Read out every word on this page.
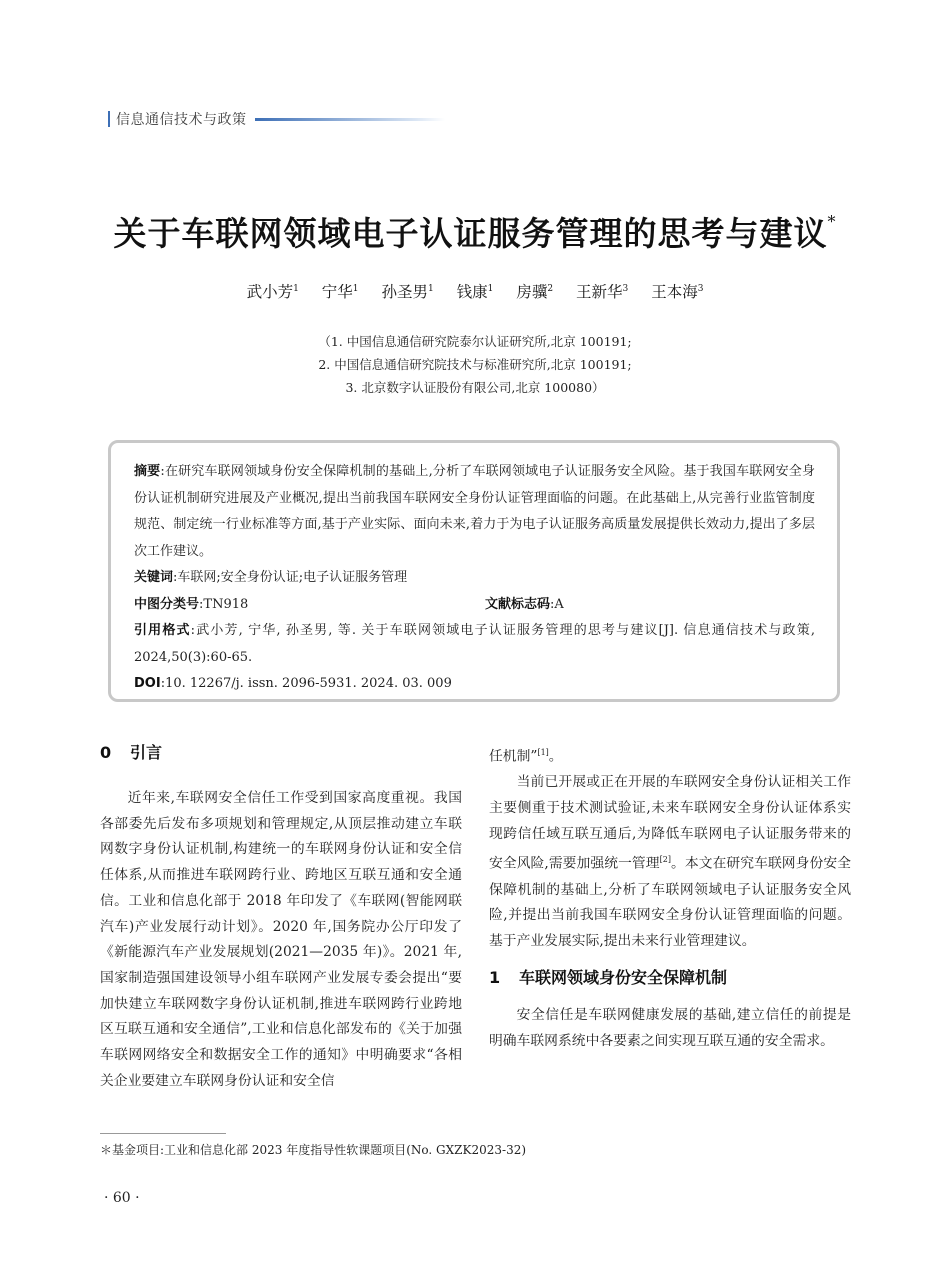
信息通信技术与政策
关于车联网领域电子认证服务管理的思考与建议*
武小芳$^1$ 宁华$^1$ 孙圣男$^1$ 钱康$^1$ 房骥$^2$ 王新华$^3$ 王本海$^3$
（1. 中国信息通信研究院泰尔认证研究所,北京 100191;
2. 中国信息通信研究院技术与标准研究所,北京 100191;
3. 北京数字认证股份有限公司,北京 100080）

摘要:在研究车联网领域身份安全保障机制的基础上,分析了车联网领域电子认证服务安全风险。基于我国车联网安全身份认证机制研究进展及产业概况,提出当前我国车联网安全身份认证管理面临的问题。在此基础上,从完善行业监管制度规范、制定统一行业标准等方面,基于产业实际、面向未来,着力于为电子认证服务高质量发展提供长效动力,提出了多层次工作建议。

关键词:车联网;安全身份认证;电子认证服务管理

中图分类号:TN918	文献标志码:A

引用格式:武小芳, 宁华, 孙圣男, 等. 关于车联网领域电子认证服务管理的思考与建议[J]. 信息通信技术与政策, 2024,50(3):60-65.

DOI:10. 12267/j. issn. 2096-5931. 2024. 03. 009

0 引言

近年来,车联网安全信任工作受到国家高度重视。我国各部委先后发布多项规划和管理规定,从顶层推动建立车联网数字身份认证机制,构建统一的车联网身份认证和安全信任体系,从而推进车联网跨行业、跨地区互联互通和安全通信。工业和信息化部于 2018 年印发了《车联网(智能网联汽车)产业发展行动计划》。2020 年,国务院办公厅印发了《新能源汽车产业发展规划(2021—2035 年)》。2021 年,国家制造强国建设领导小组车联网产业发展专委会提出“要加快建立车联网数字身份认证机制,推进车联网跨行业跨地区互联互通和安全通信”,工业和信息化部发布的《关于加强车联网网络安全和数据安全工作的通知》中明确要求“各相关企业要建立车联网身份认证和安全信

任机制”[1]。

当前已开展或正在开展的车联网安全身份认证相关工作主要侧重于技术测试验证,未来车联网安全身份认证体系实现跨信任域互联互通后,为降低车联网电子认证服务带来的安全风险,需要加强统一管理[2]。本文在研究车联网身份安全保障机制的基础上,分析了车联网领域电子认证服务安全风险,并提出当前我国车联网安全身份认证管理面临的问题。基于产业发展实际,提出未来行业管理建议。

1 车联网领域身份安全保障机制

安全信任是车联网健康发展的基础,建立信任的前提是明确车联网系统中各要素之间实现互联互通的安全需求。

＊基金项目:工业和信息化部 2023 年度指导性软课题项目(No. GXZK2023-32)
· 60 ·
